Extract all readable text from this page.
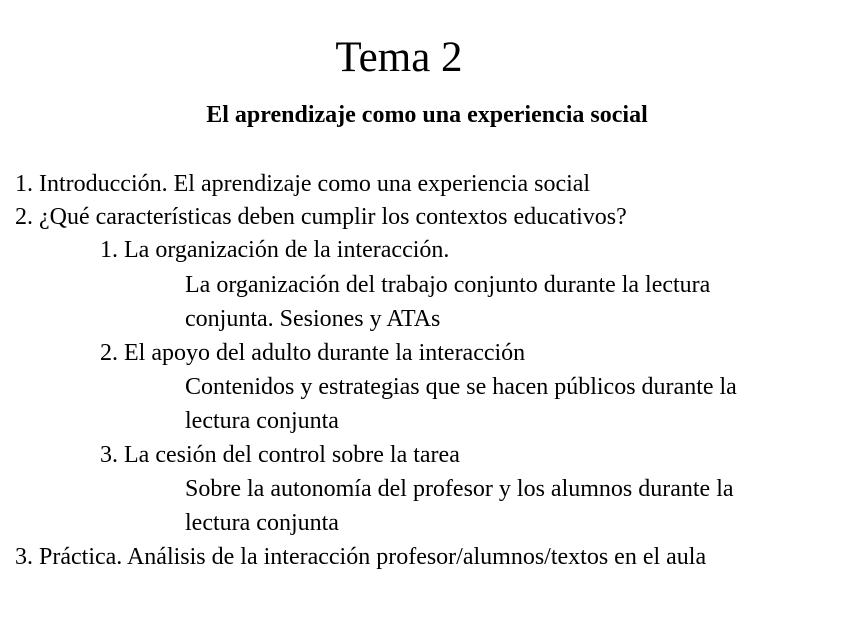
Tema 2
El aprendizaje como una experiencia social
1. Introducción. El aprendizaje como una experiencia social
2. ¿Qué características deben cumplir los contextos educativos?
1. La organización de la interacción.
La organización del trabajo conjunto durante la lectura
conjunta. Sesiones y ATAs
2. El apoyo del adulto durante la interacción
Contenidos y estrategias que se hacen públicos durante la
lectura conjunta
3. La cesión del control sobre la tarea
Sobre la autonomía del profesor y los alumnos durante la
lectura conjunta
3. Práctica. Análisis de la interacción profesor/alumnos/textos en el aula
